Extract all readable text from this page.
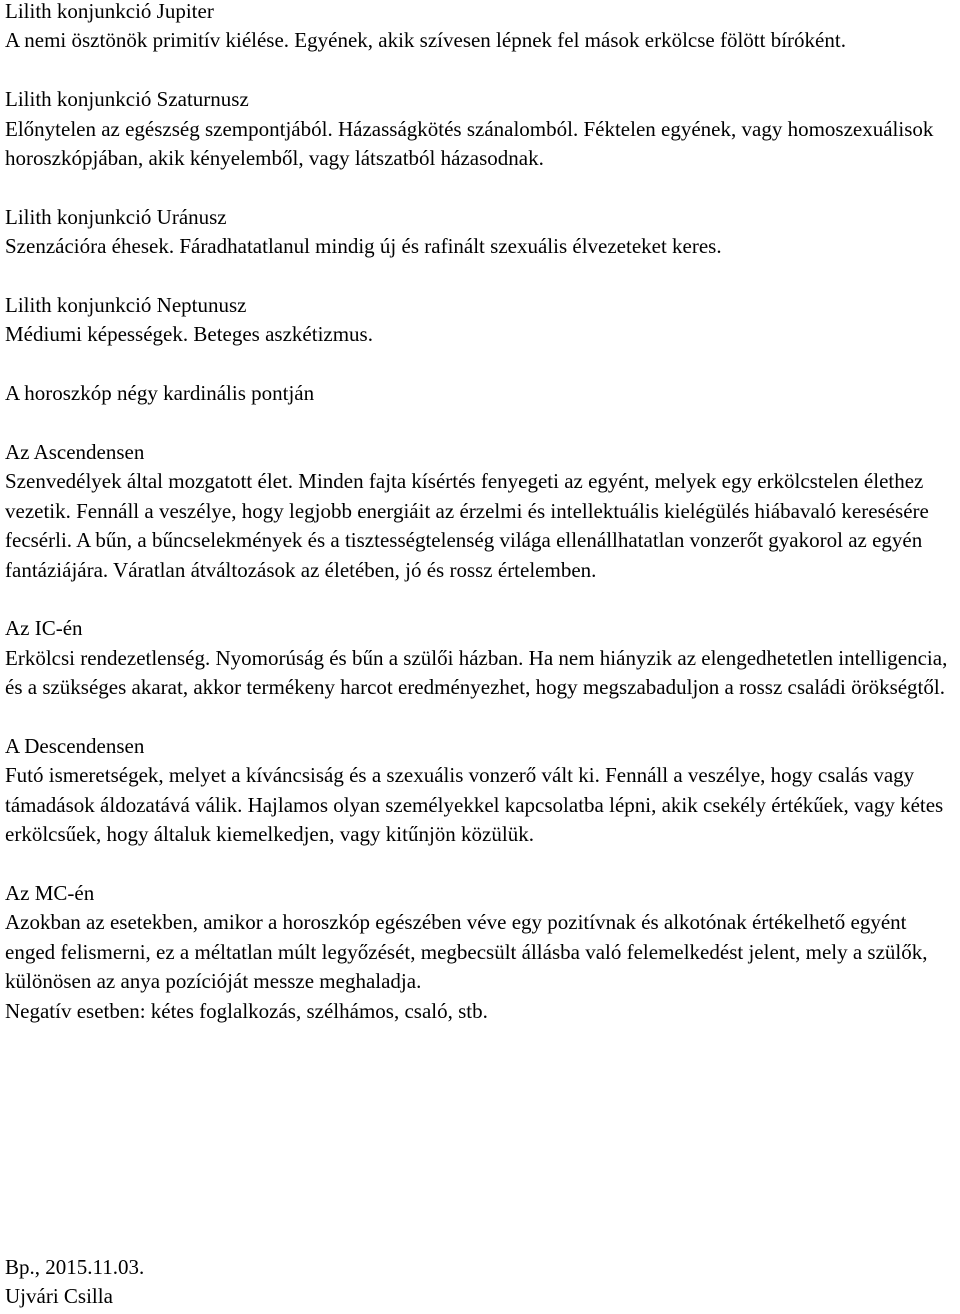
Lilith konjunkció Jupiter

A nemi ösztönök primitív kiélése. Egyének, akik szívesen lépnek fel mások erkölcse fölött bíróként.

Lilith konjunkció Szaturnusz

Előnytelen az egészség szempontjából. Házasságkötés szánalomból. Féktelen egyének, vagy homoszexuálisok horoszkópjában, akik kényelemből, vagy látszatból házasodnak.

Lilith konjunkció Uránusz

Szenzációra éhesek. Fáradhatatlanul mindig új és rafinált szexuális élvezeteket keres.

Lilith konjunkció Neptunusz

Médiumi képességek. Beteges aszkétizmus.

A horoszkóp négy kardinális pontján
Az Ascendensen

Szenvedélyek által mozgatott élet. Minden fajta kísértés fenyegeti az egyént, melyek egy erkölcstelen élethez vezetik. Fennáll a veszélye, hogy legjobb energiáit az érzelmi és intellektuális kielégülés hiábavaló keresésére fecsérli. A bűn, a bűncselekmények és a tisztességtelenség világa ellenállhatatlan vonzerőt gyakorol az egyén fantáziájára. Váratlan átváltozások az életében, jó és rossz értelemben.

Az IC-én

Erkölcsi rendezetlenség. Nyomorúság és bűn a szülői házban. Ha nem hiányzik az elengedhetetlen intelligencia, és a szükséges akarat, akkor termékeny harcot eredményezhet, hogy megszabaduljon a rossz családi örökségtől.

A Descendensen

Futó ismeretségek, melyet a kíváncsiság és a szexuális vonzerő vált ki. Fennáll a veszélye, hogy csalás vagy támadások áldozatává válik. Hajlamos olyan személyekkel kapcsolatba lépni, akik csekély értékűek, vagy kétes erkölcsűek, hogy általuk kiemelkedjen, vagy kitűnjön közülük.

Az MC-én

Azokban az esetekben, amikor a horoszkóp egészében véve egy pozitívnak és alkotónak értékelhető egyént enged felismerni, ez a méltatlan múlt legyőzését, megbecsült állásba való felemelkedést jelent, mely a szülők, különösen az anya pozícióját messze meghaladja.

Negatív esetben: kétes foglalkozás, szélhámos, csaló, stb.

Bp., 2015.11.03.
Ujvári Csilla
